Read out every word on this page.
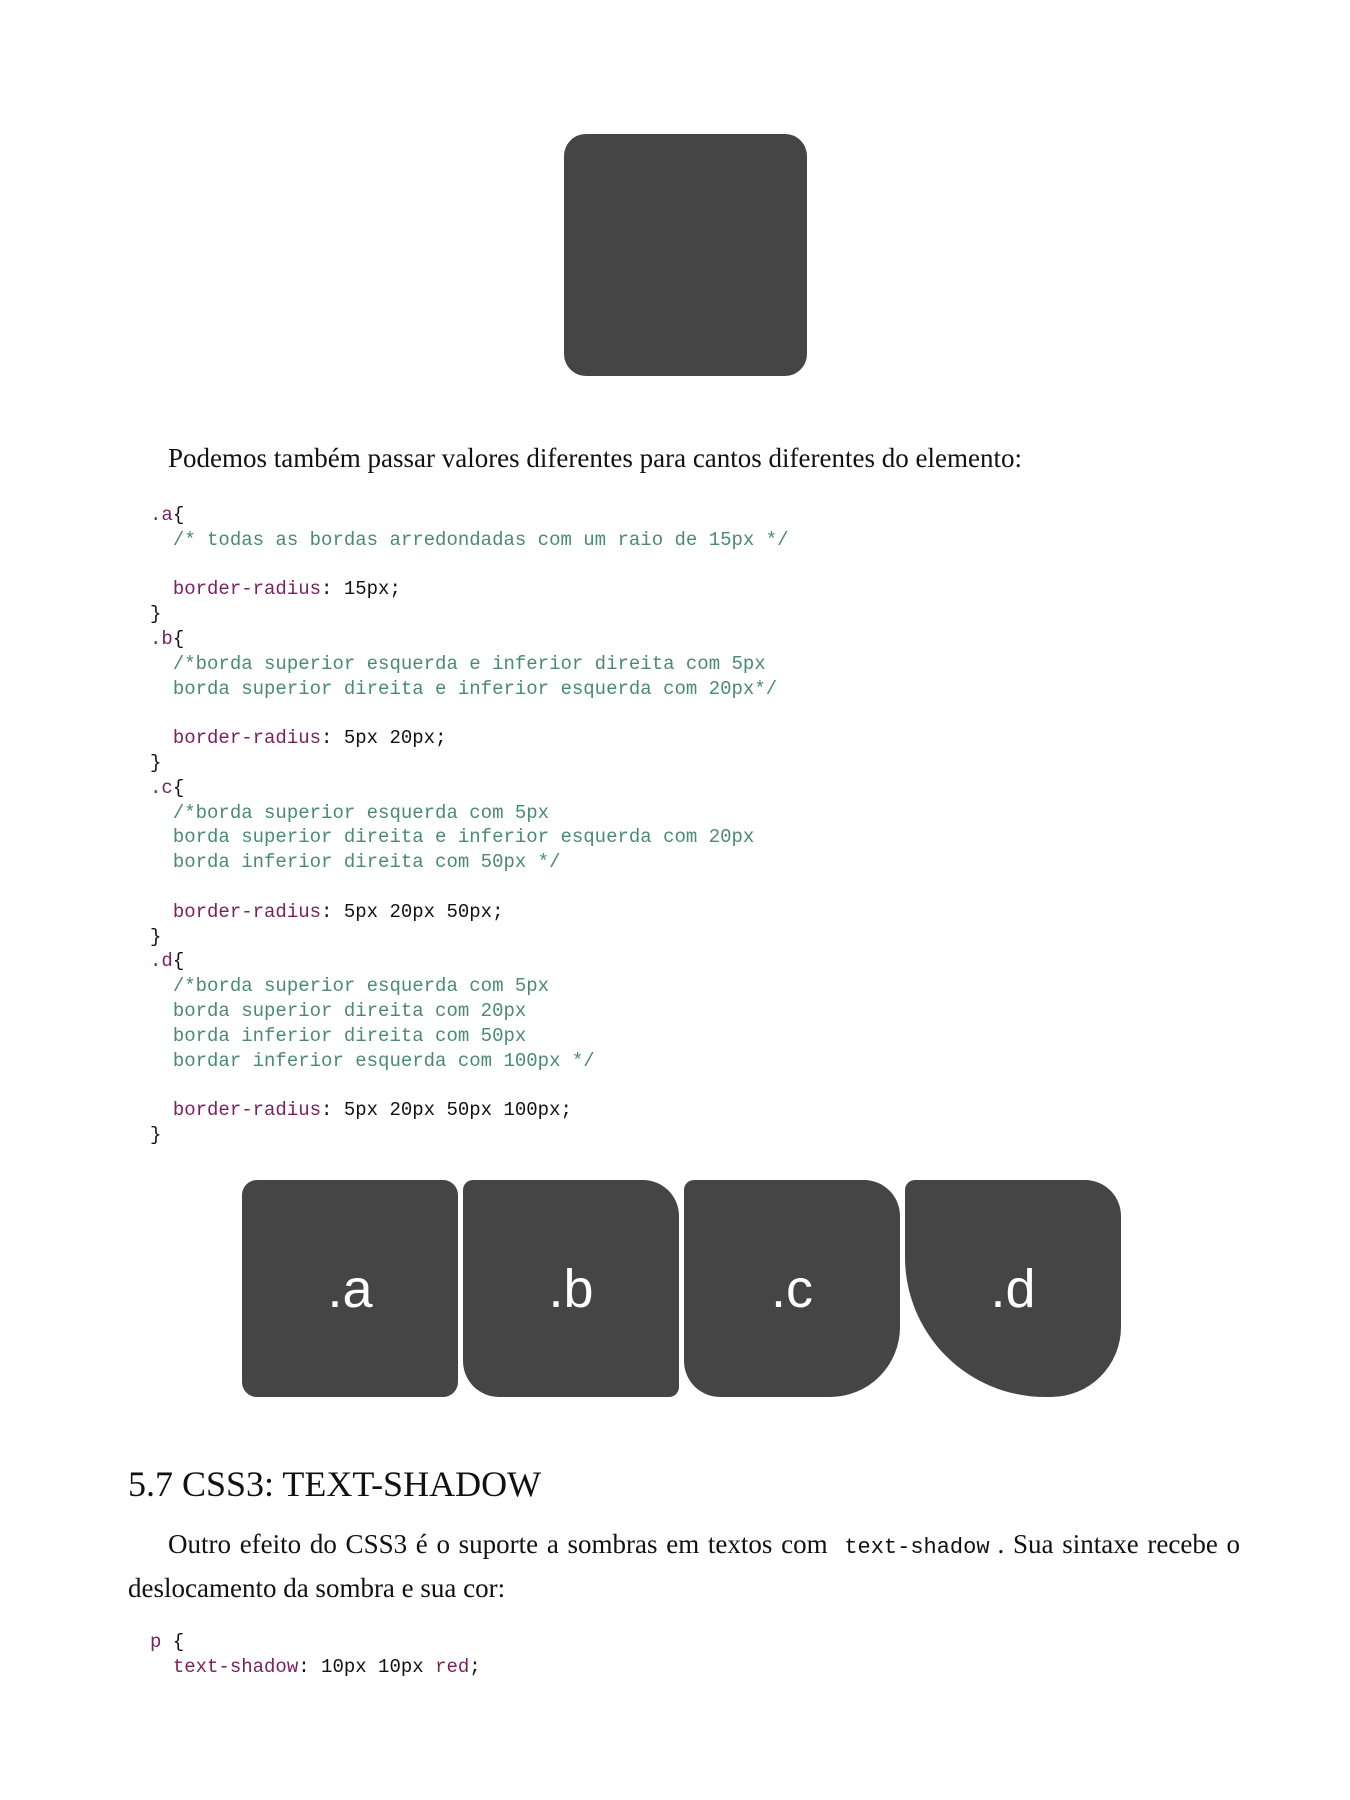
Podemos também passar valores diferentes para cantos diferentes do elemento:

.a{
/* todas as bordas arredondadas com um raio de 15px */

border-radius: 15px;
}
.b{
/*borda superior esquerda e inferior direita com 5px
borda superior direita e inferior esquerda com 20px*/

border-radius: 5px 20px;
}
.c{
/*borda superior esquerda com 5px
borda superior direita e inferior esquerda com 20px
borda inferior direita com 50px */

border-radius: 5px 20px 50px;
}
.d{
/*borda superior esquerda com 5px
borda superior direita com 20px
borda inferior direita com 50px
bordar inferior esquerda com 100px */

border-radius: 5px 20px 50px 100px;
}
.a	.b	.c	.d
5.7 CSS3: TEXT-SHADOW

Outro efeito do CSS3 é o suporte a sombras em textos com text-shadow . Sua sintaxe recebe o deslocamento da sombra e sua cor:

p {
text-shadow: 10px 10px red;
